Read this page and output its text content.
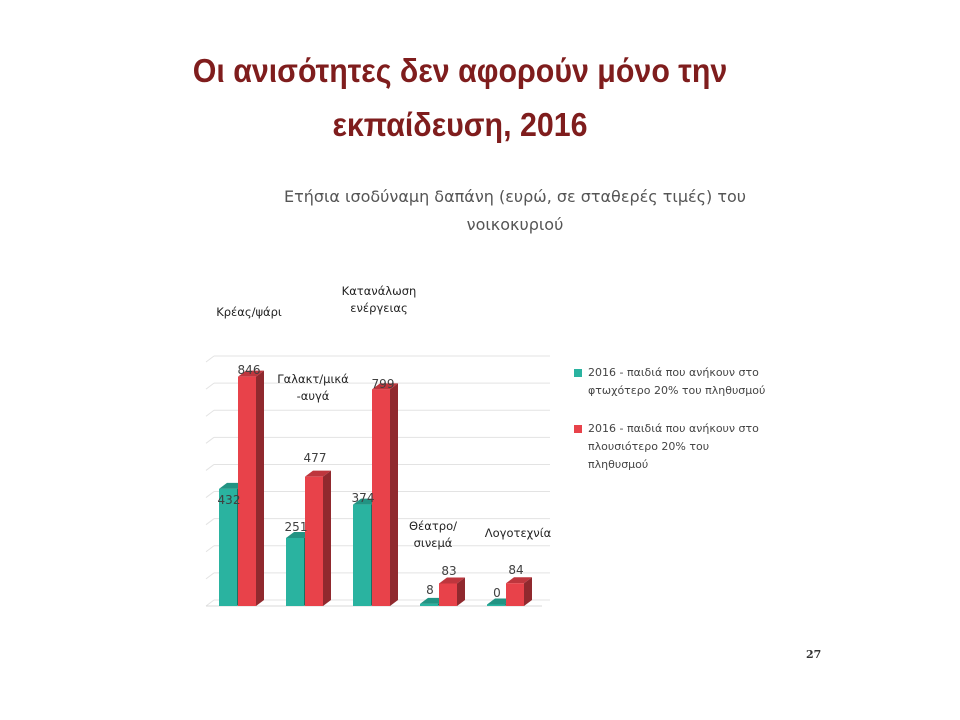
Οι ανισότητες δεν αφορούν μόνο την εκπαίδευση, 2016
Ετήσια ισοδύναμη δαπάνη (ευρώ, σε σταθερές τιμές) του νοικοκυριού
432
846
251
477
374
799
8
83
0
84
Κρέας/ψάρι
Γαλακτ/μικά -αυγά
Κατανάλωση ενέργειας
Θέατρο/ σινεμά
Λογοτεχνία
2016 - παιδιά που ανήκουν στο
φτωχότερο 20% του πληθυσμού
2016 - παιδιά που ανήκουν στο
πλουσιότερο 20% του
πληθυσμού
27
